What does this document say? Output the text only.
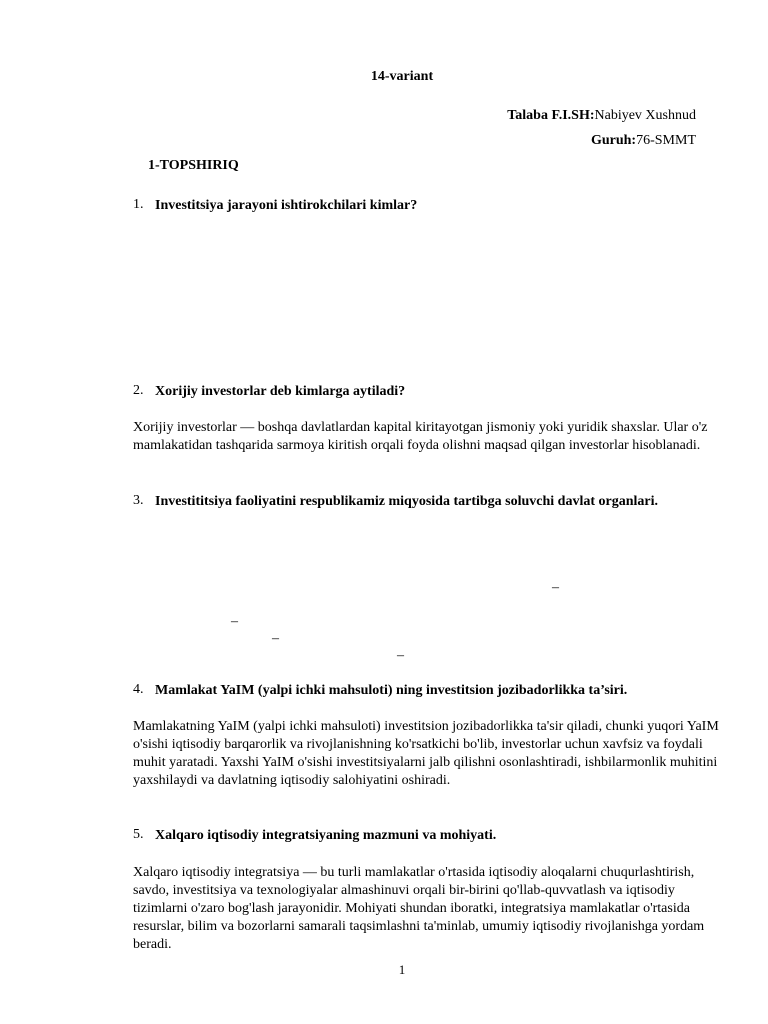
14-variant
Talaba F.I.SH:Nabiyev Xushnud
Guruh:76-SMMT
1-TOPSHIRIQ
1. Investitsiya jarayoni ishtirokchilari kimlar?
2. Xorijiy investorlar deb kimlarga aytiladi?
Xorijiy investorlar — boshqa davlatlardan kapital kiritayotgan jismoniy yoki yuridik shaxslar. Ular o'z mamlakatidan tashqarida sarmoya kiritish orqali foyda olishni maqsad qilgan investorlar hisoblanadi.
3. Investititsiya faoliyatini respublikamiz miqyosida tartibga soluvchi davlat organlari.
–
–
–
–
4. Mamlakat YaIM (yalpi ichki mahsuloti) ning investitsion jozibadorlikka ta’siri.
Mamlakatning YaIM (yalpi ichki mahsuloti) investitsion jozibadorlikka ta'sir qiladi, chunki yuqori YaIM o'sishi iqtisodiy barqarorlik va rivojlanishning ko'rsatkichi bo'lib, investorlar uchun xavfsiz va foydali muhit yaratadi. Yaxshi YaIM o'sishi investitsiyalarni jalb qilishni osonlashtiradi, ishbilarmonlik muhitini yaxshilaydi va davlatning iqtisodiy salohiyatini oshiradi.
5. Xalqaro iqtisodiy integratsiyaning mazmuni va mohiyati.
Xalqaro iqtisodiy integratsiya — bu turli mamlakatlar o'rtasida iqtisodiy aloqalarni chuqurlashtirish, savdo, investitsiya va texnologiyalar almashinuvi orqali bir-birini qo'llab-quvvatlash va iqtisodiy tizimlarni o'zaro bog'lash jarayonidir. Mohiyati shundan iboratki, integratsiya mamlakatlar o'rtasida resurslar, bilim va bozorlarni samarali taqsimlashni ta'minlab, umumiy iqtisodiy rivojlanishga yordam beradi.
1
